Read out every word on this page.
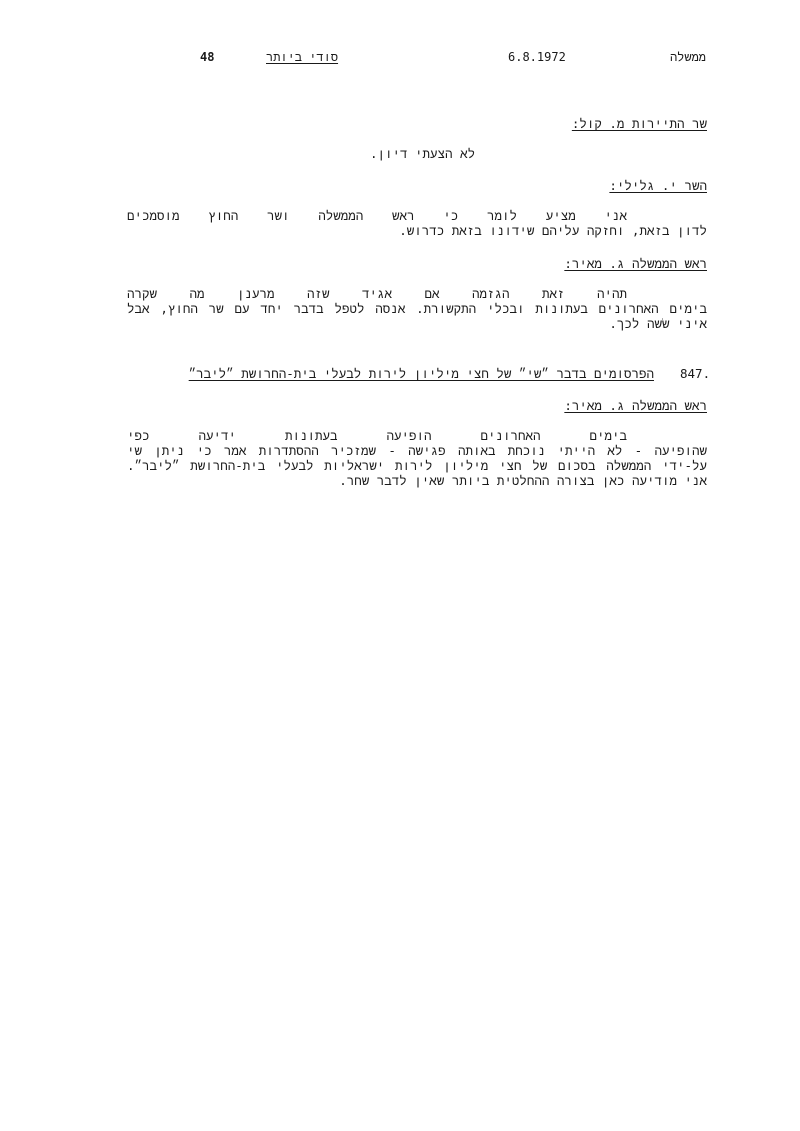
ממשלה
6.8.1972
סודי ביותר
48
שר התיירות מ. קול:
לא הצעתי דיון.
השר י. גלילי:
אני מציע לומר כי ראש הממשלה ושר החוץ מוסמכים
לדון בזאת, וחזקה עליהם שידונו בזאת כדרוש.
ראש הממשלה ג. מאיר:
תהיה זאת הגזמה אם אגיד שזה מרענן מה שקרה
בימים האחרונים בעתונות ובכלי התקשורת. אנסה לטפל בדבר יחד עם שר החוץ, אבל
איני שׂשה לכך.
847.
הפרסומים בדבר ״שי״ של חצי מיליון לירות לבעלי בית-החרושת ״ליבר״
ראש הממשלה ג. מאיר:
בימים האחרונים הופיעה בעתונות ידיעה כפי
שהופיעה - לא הייתי נוכחת באותה פגישה - שמזכיר ההסתדרות אמר כי ניתן שי
על-ידי הממשלה בסכום של חצי מיליון לירות ישראליות לבעלי בית-החרושת ״ליבר״.
אני מודיעה כאן בצורה ההחלטית ביותר שאין לדבר שחר.
